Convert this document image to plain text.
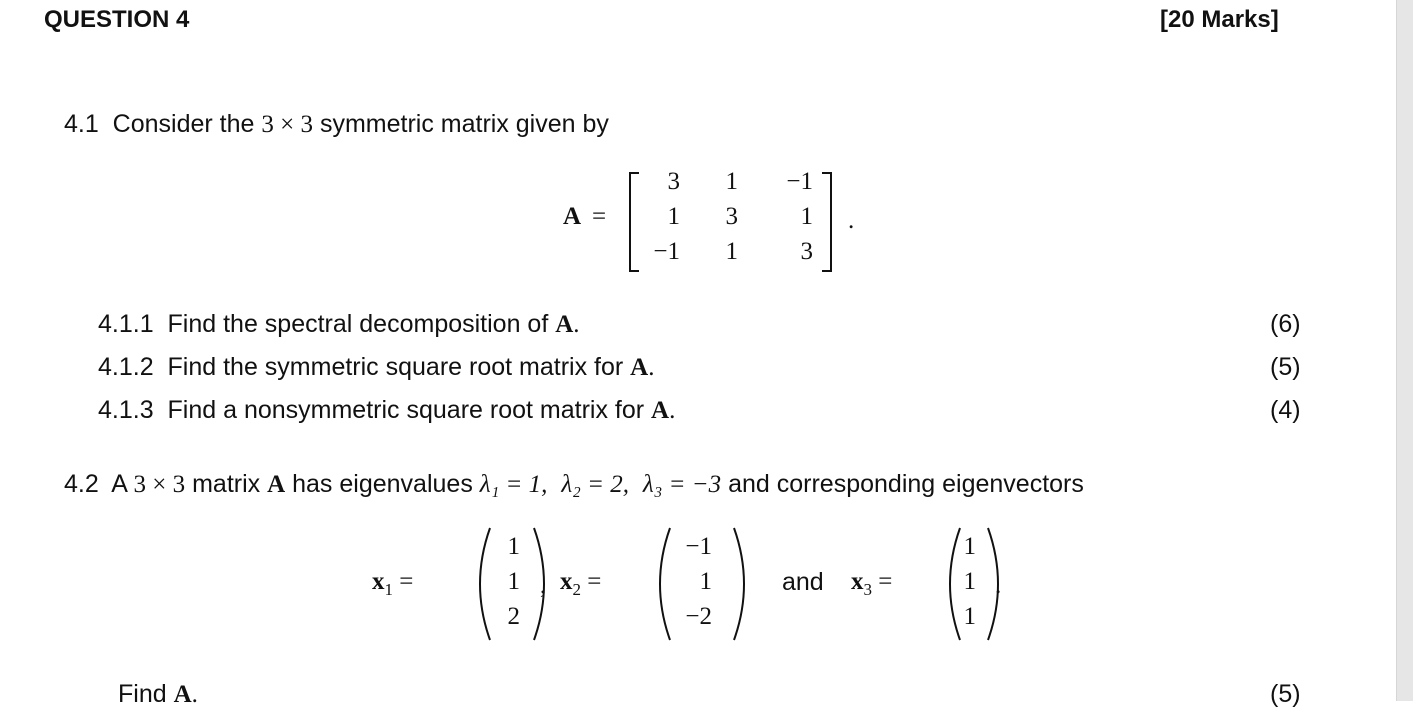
QUESTION 4	[20 Marks]
4.1 Consider the 3 × 3 symmetric matrix given by
A =
3	1	−1
1	3	1
−1	1	3
.
4.1.1 Find the spectral decomposition of A.	(6)
4.1.2 Find the symmetric square root matrix for A.	(5)
4.1.3 Find a nonsymmetric square root matrix for A.	(4)
4.2 A 3 × 3 matrix A has eigenvalues λ₁ = 1, λ₂ = 2, λ₃ = −3 and corresponding eigenvectors
$x_1$ =
1
1
2
, $x_2$ =
−1
1
−2
$x_3$ =
1
1
1
.
and
Find A.	(5)
